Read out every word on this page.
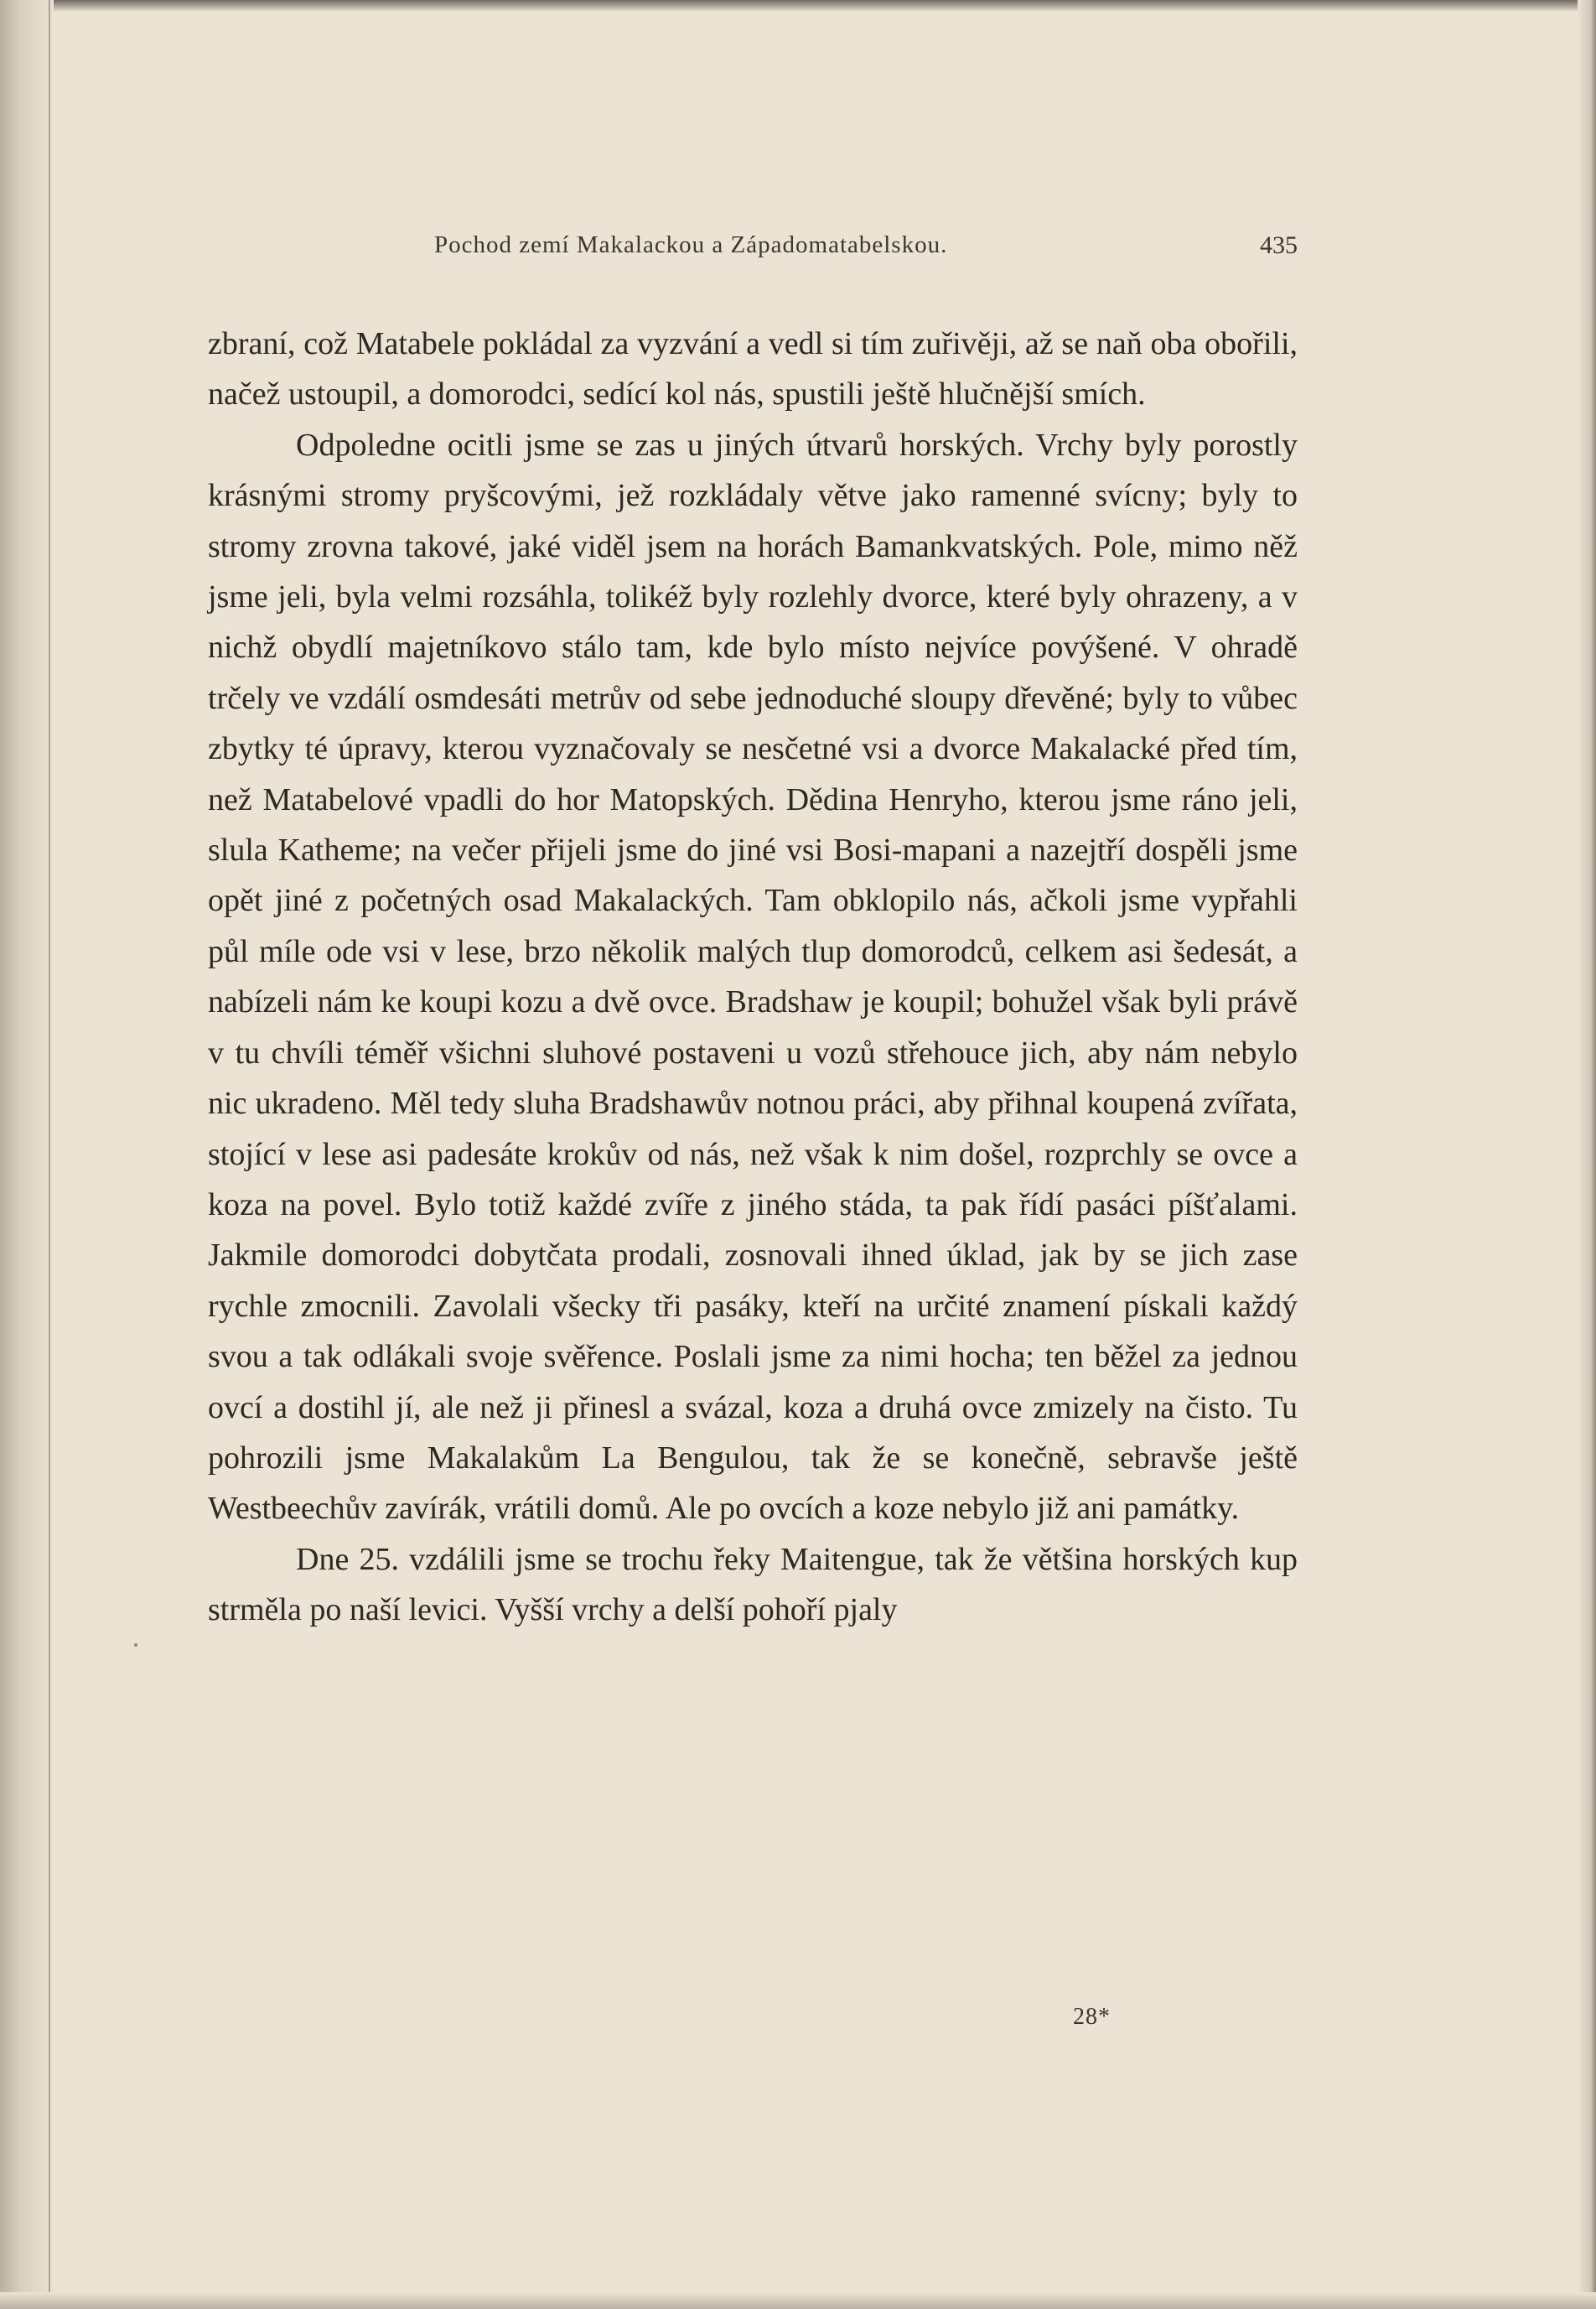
Pochod zemí Makalackou a Západomatabelskou.	435

zbraní, což Matabele pokládal za vyzvání a vedl si tím zuřivěji, až se naň oba obořili, načež ustoupil, a domorodci, sedící kol nás, spustili ještě hlučnější smích.

Odpoledne ocitli jsme se zas u jiných útvarů horských. Vrchy byly porostly krásnými stromy pryšcovými, jež rozkládaly větve jako ramenné svícny; byly to stromy zrovna takové, jaké viděl jsem na horách Bamankvatských. Pole, mimo něž jsme jeli, byla velmi rozsáhla, tolikéž byly rozlehly dvorce, které byly ohrazeny, a v nichž obydlí majetníkovo stálo tam, kde bylo místo nejvíce povýšené. V ohradě trčely ve vzdálí osmdesáti metrův od sebe jednoduché sloupy dřevěné; byly to vůbec zbytky té úpravy, kterou vyznačovaly se nesčetné vsi a dvorce Makalacké před tím, než Matabelové vpadli do hor Matopských. Dědina Henryho, kterou jsme ráno jeli, slula Katheme; na večer přijeli jsme do jiné vsi Bosi-mapani a nazejtří dospěli jsme opět jiné z početných osad Makalackých. Tam obklopilo nás, ačkoli jsme vypřahli půl míle ode vsi v lese, brzo několik malých tlup domorodců, celkem asi šedesát, a nabízeli nám ke koupi kozu a dvě ovce. Bradshaw je koupil; bohužel však byli právě v tu chvíli téměř všichni sluhové postaveni u vozů střehouce jich, aby nám nebylo nic ukradeno. Měl tedy sluha Bradshawův notnou práci, aby přihnal koupená zvířata, stojící v lese asi padesáte krokův od nás, než však k nim došel, rozprchly se ovce a koza na povel. Bylo totiž každé zvíře z jiného stáda, ta pak řídí pasáci píšťalami. Jakmile domorodci dobytčata prodali, zosnovali ihned úklad, jak by se jich zase rychle zmocnili. Zavolali všecky tři pasáky, kteří na určité znamení pískali každý svou a tak odlákali svoje svěřence. Poslali jsme za nimi hocha; ten běžel za jednou ovcí a dostihl jí, ale než ji přinesl a svázal, koza a druhá ovce zmizely na čisto. Tu pohrozili jsme Makalakům La Bengulou, tak že se konečně, sebravše ještě Westbeechův zavírák, vrátili domů. Ale po ovcích a koze nebylo již ani památky.

Dne 25. vzdálili jsme se trochu řeky Maitengue, tak že většina horských kup strměla po naší levici. Vyšší vrchy a delší pohoří pjaly

28*
